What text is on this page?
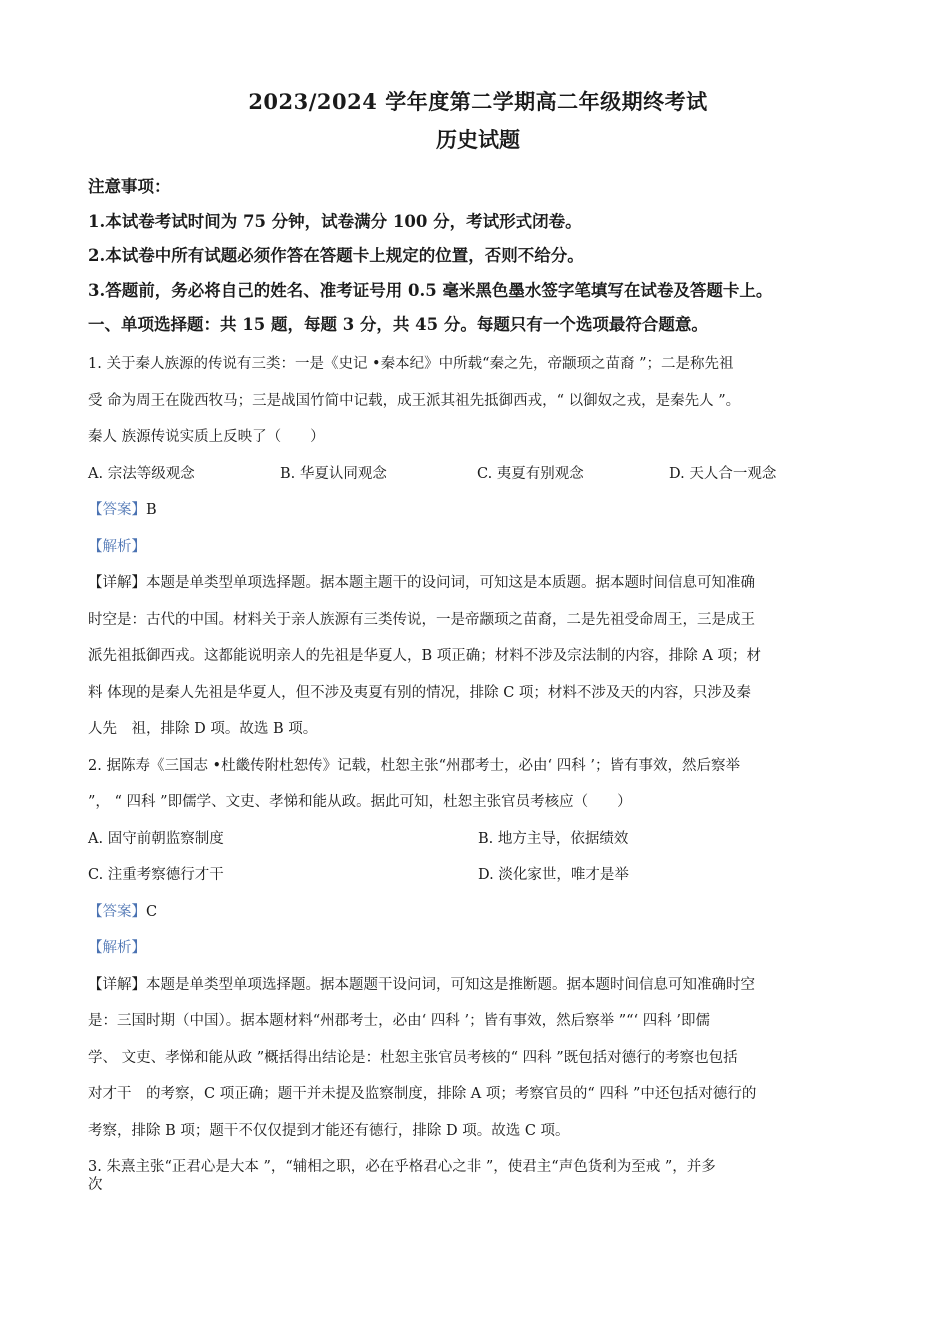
2023/2024 学年度第二学期高二年级期终考试
历史试题
注意事项：
1.本试卷考试时间为 75 分钟，试卷满分 100 分，考试形式闭卷。
2.本试卷中所有试题必须作答在答题卡上规定的位置，否则不给分。
3.答题前，务必将自己的姓名、准考证号用 0.5 毫米黑色墨水签字笔填写在试卷及答题卡上。
一、单项选择题：共 15 题，每题 3 分，共 45 分。每题只有一个选项最符合题意。
1. 关于秦人族源的传说有三类：一是《史记 •秦本纪》中所载“秦之先，帝颛顼之苗裔 ”；二是称先祖
受 命为周王在陇西牧马；三是战国竹简中记载，成王派其祖先抵御西戎，“ 以御奴之戎，是秦先人 ”。
秦人 族源传说实质上反映了（　　）
A. 宗法等级观念	B. 华夏认同观念	C. 夷夏有别观念	D. 天人合一观念
【答案】B
【解析】
【详解】本题是单类型单项选择题。据本题主题干的设问词，可知这是本质题。据本题时间信息可知准确
时空是：古代的中国。材料关于亲人族源有三类传说，一是帝颛顼之苗裔，二是先祖受命周王，三是成王
派先祖抵御西戎。这都能说明亲人的先祖是华夏人，B 项正确；材料不涉及宗法制的内容，排除 A 项；材
料 体现的是秦人先祖是华夏人，但不涉及夷夏有别的情况，排除 C 项；材料不涉及天的内容，只涉及秦
人先　祖，排除 D 项。故选 B 项。
2. 据陈寿《三国志 •杜畿传附杜恕传》记载，杜恕主张“州郡考士，必由‘ 四科 ’；皆有事效，然后察举
”， “ 四科 ”即儒学、文吏、孝悌和能从政。据此可知，杜恕主张官员考核应（　　）
A. 固守前朝监察制度	B. 地方主导，依据绩效
C. 注重考察德行才干	D. 淡化家世，唯才是举
【答案】C
【解析】
【详解】本题是单类型单项选择题。据本题题干设问词，可知这是推断题。据本题时间信息可知准确时空
是：三国时期（中国）。据本题材料“州郡考士，必由‘ 四科 ’；皆有事效，然后察举 ”“‘ 四科 ’即儒
学、 文吏、孝悌和能从政 ”概括得出结论是：杜恕主张官员考核的“ 四科 ”既包括对德行的考察也包括
对才干　的考察，C 项正确；题干并未提及监察制度，排除 A 项；考察官员的“ 四科 ”中还包括对德行的
考察，排除 B 项；题干不仅仅提到才能还有德行，排除 D 项。故选 C 项。
3. 朱熹主张“正君心是大本 ”，“辅相之职，必在乎格君心之非 ”，使君主“声色货利为至戒 ”，并多
次
